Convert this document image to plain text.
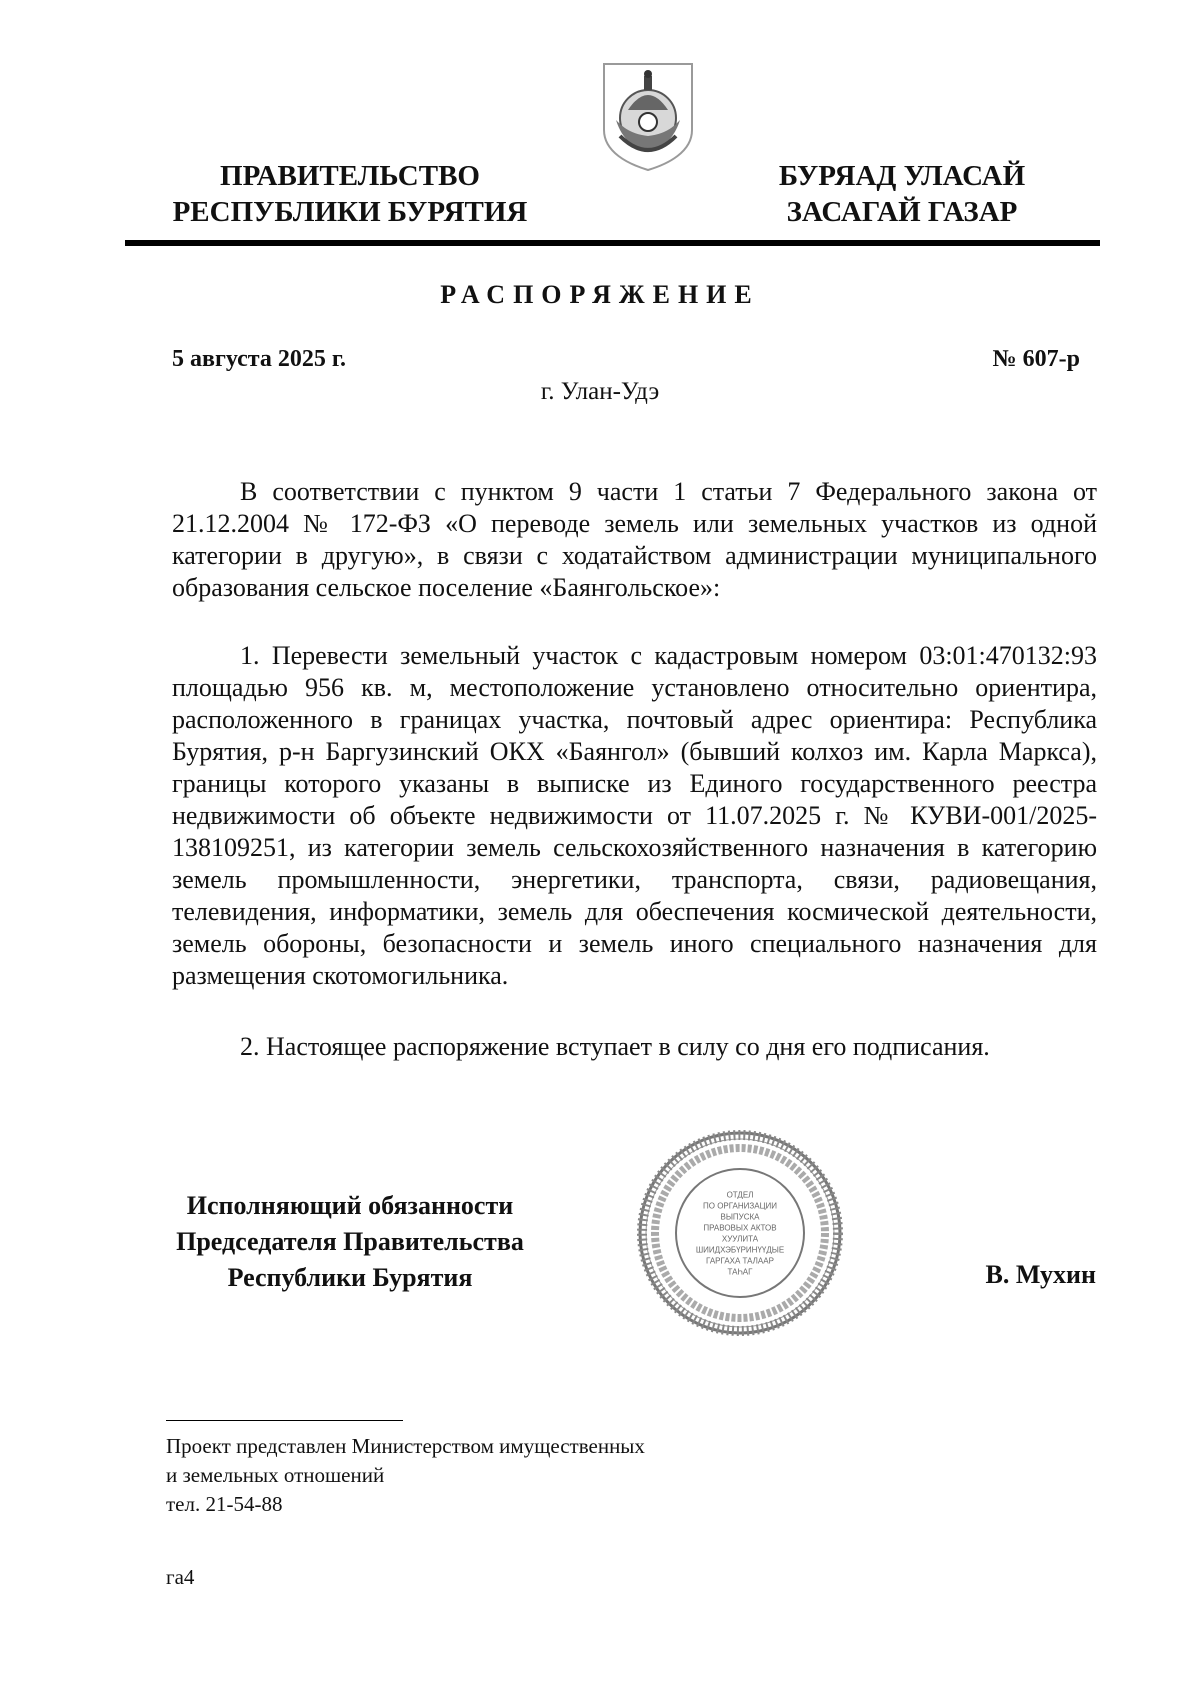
ПРАВИТЕЛЬСТВО
РЕСПУБЛИКИ БУРЯТИЯ
БУРЯАД УЛАСАЙ
ЗАСАГАЙ ГАЗАР
РАСПОРЯЖЕНИЕ
5 августа 2025 г.	№ 607-р
г. Улан-Удэ

В соответствии с пунктом 9 части 1 статьи 7 Федерального закона от 21.12.2004 № 172-ФЗ «О переводе земель или земельных участков из одной категории в другую», в связи с ходатайством администрации муниципального образования сельское поселение «Баянгольское»:

1. Перевести земельный участок с кадастровым номером 03:01:470132:93 площадью 956 кв. м, местоположение установлено относительно ориентира, расположенного в границах участка, почтовый адрес ориентира: Республика Бурятия, р-н Баргузинский ОКХ «Баянгол» (бывший колхоз им. Карла Маркса), границы которого указаны в выписке из Единого государственного реестра недвижимости об объекте недвижимости от 11.07.2025 г. № КУВИ-001/2025-138109251, из категории земель сельскохозяйственного назначения в категорию земель промышленности, энергетики, транспорта, связи, радиовещания, телевидения, информатики, земель для обеспечения космической деятельности, земель обороны, безопасности и земель иного специального назначения для размещения скотомогильника.

2. Настоящее распоряжение вступает в силу со дня его подписания.

Исполняющий обязанности
Председателя Правительства
Республики Бурятия
ОТДЕЛ
ПО ОРГАНИЗАЦИИ
ВЫПУСКА
ПРАВОВЫХ АКТОВ
ХУУЛИТА
ШИИДХЭБҮРИНҮҮДЫЕ
ГАРГАХА ТАЛААР
ТАҺАГ	В. Мухин
Проект представлен Министерством имущественных
и земельных отношений
тел. 21-54-88
га4
